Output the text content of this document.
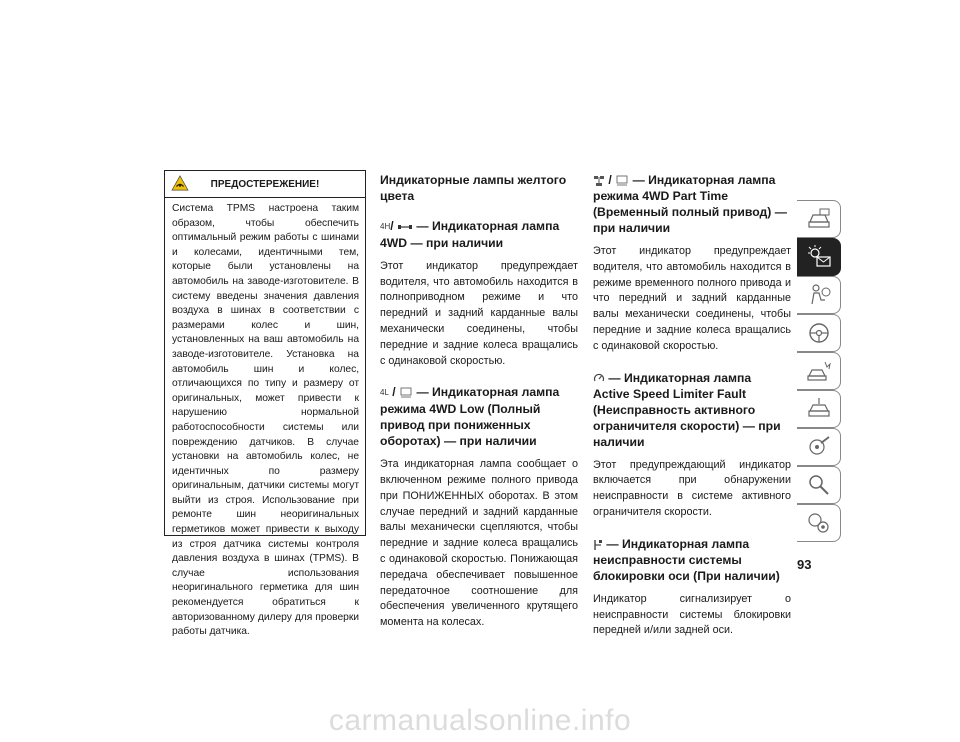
ПРЕДОСТЕРЕЖЕНИЕ!
Система TPMS настроена таким образом, чтобы обеспечить оптимальный режим работы с шинами и колесами, идентичными тем, которые были установлены на автомобиль на заводе-изготовителе. В систему введены значения давления воздуха в шинах в соответствии с размерами колес и шин, установленных на ваш автомобиль на заводе-изготовителе. Установка на автомобиль шин и колес, отличающихся по типу и размеру от оригинальных, может привести к нарушению нормальной работоспособности системы или повреждению датчиков. В случае установки на автомобиль колес, не идентичных по размеру оригинальным, датчики системы могут выйти из строя. Использование при ремонте шин неоригинальных герметиков может привести к выходу из строя датчика системы контроля давления воздуха в шинах (TPMS). В случае использования неоригинального герметика для шин рекомендуется обратиться к авторизованному дилеру для проверки работы датчика.
Индикаторные лампы желтого цвета
4H/ — Индикаторная лампа 4WD — при наличии
Этот индикатор предупреждает водителя, что автомобиль находится в полноприводном режиме и что передний и задний карданные валы механически соединены, чтобы передние и задние колеса вращались с одинаковой скоростью.
4L / — Индикаторная лампа режима 4WD Low (Полный привод при пониженных оборотах) — при наличии
Эта индикаторная лампа сообщает о включенном режиме полного привода при ПОНИЖЕННЫХ оборотах. В этом случае передний и задний карданные валы механически сцепляются, чтобы передние и задние колеса вращались с одинаковой скоростью. Понижающая передача обеспечивает повышенное передаточное соотношение для обеспечения увеличенного крутящего момента на колесах.
/ — Индикаторная лампа режима 4WD Part Time (Временный полный привод) — при наличии
Этот индикатор предупреждает водителя, что автомобиль находится в режиме временного полного привода и что передний и задний карданные валы механически соединены, чтобы передние и задние колеса вращались с одинаковой скоростью.
— Индикаторная лампа Active Speed Limiter Fault (Неисправность активного ограничителя скорости) — при наличии
Этот предупреждающий индикатор включается при обнаружении неисправности в системе активного ограничителя скорости.
— Индикаторная лампа неисправности системы блокировки оси (При наличии)
Индикатор сигнализирует о неисправности системы блокировки передней и/или задней оси.
93
carmanualsonline.info
